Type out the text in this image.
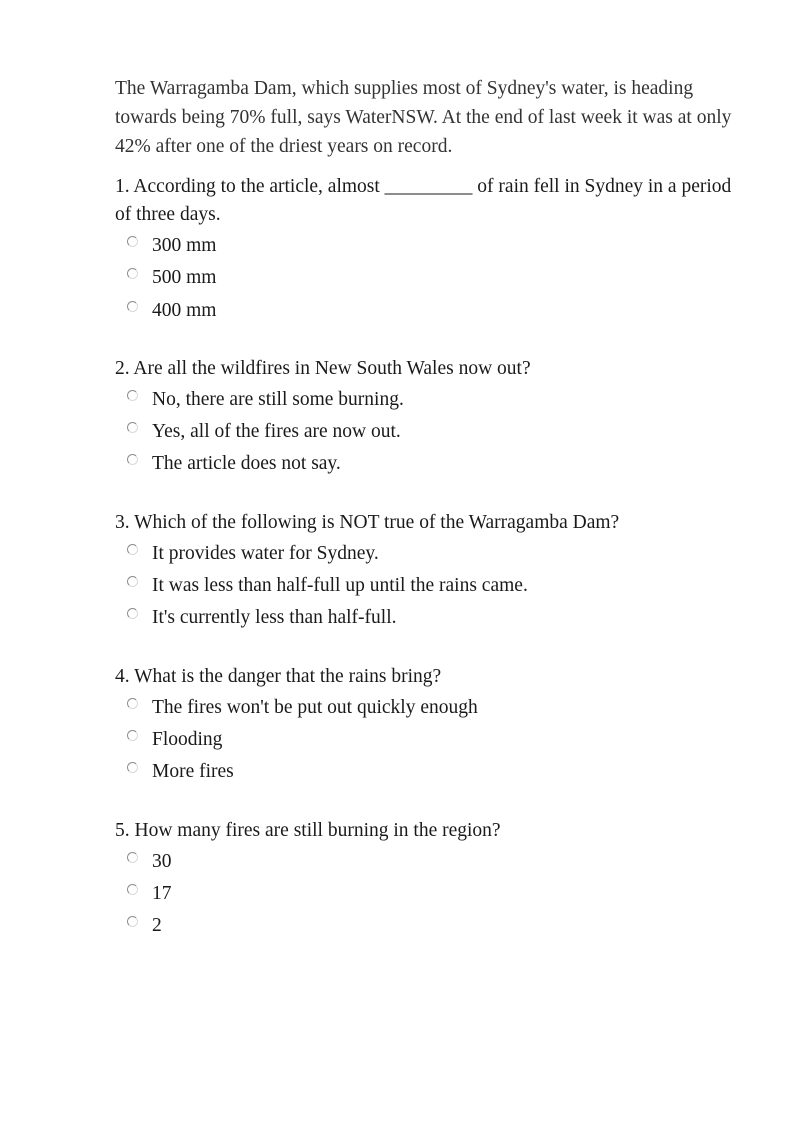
The Warragamba Dam, which supplies most of Sydney's water, is heading towards being 70% full, says WaterNSW. At the end of last week it was at only 42% after one of the driest years on record.

1. According to the article, almost _________ of rain fell in Sydney in a period of three days.

300 mm
500 mm
400 mm

2. Are all the wildfires in New South Wales now out?

No, there are still some burning.
Yes, all of the fires are now out.
The article does not say.

3. Which of the following is NOT true of the Warragamba Dam?

It provides water for Sydney.
It was less than half-full up until the rains came.
It's currently less than half-full.

4. What is the danger that the rains bring?

The fires won't be put out quickly enough
Flooding
More fires

5. How many fires are still burning in the region?

30
17
2
